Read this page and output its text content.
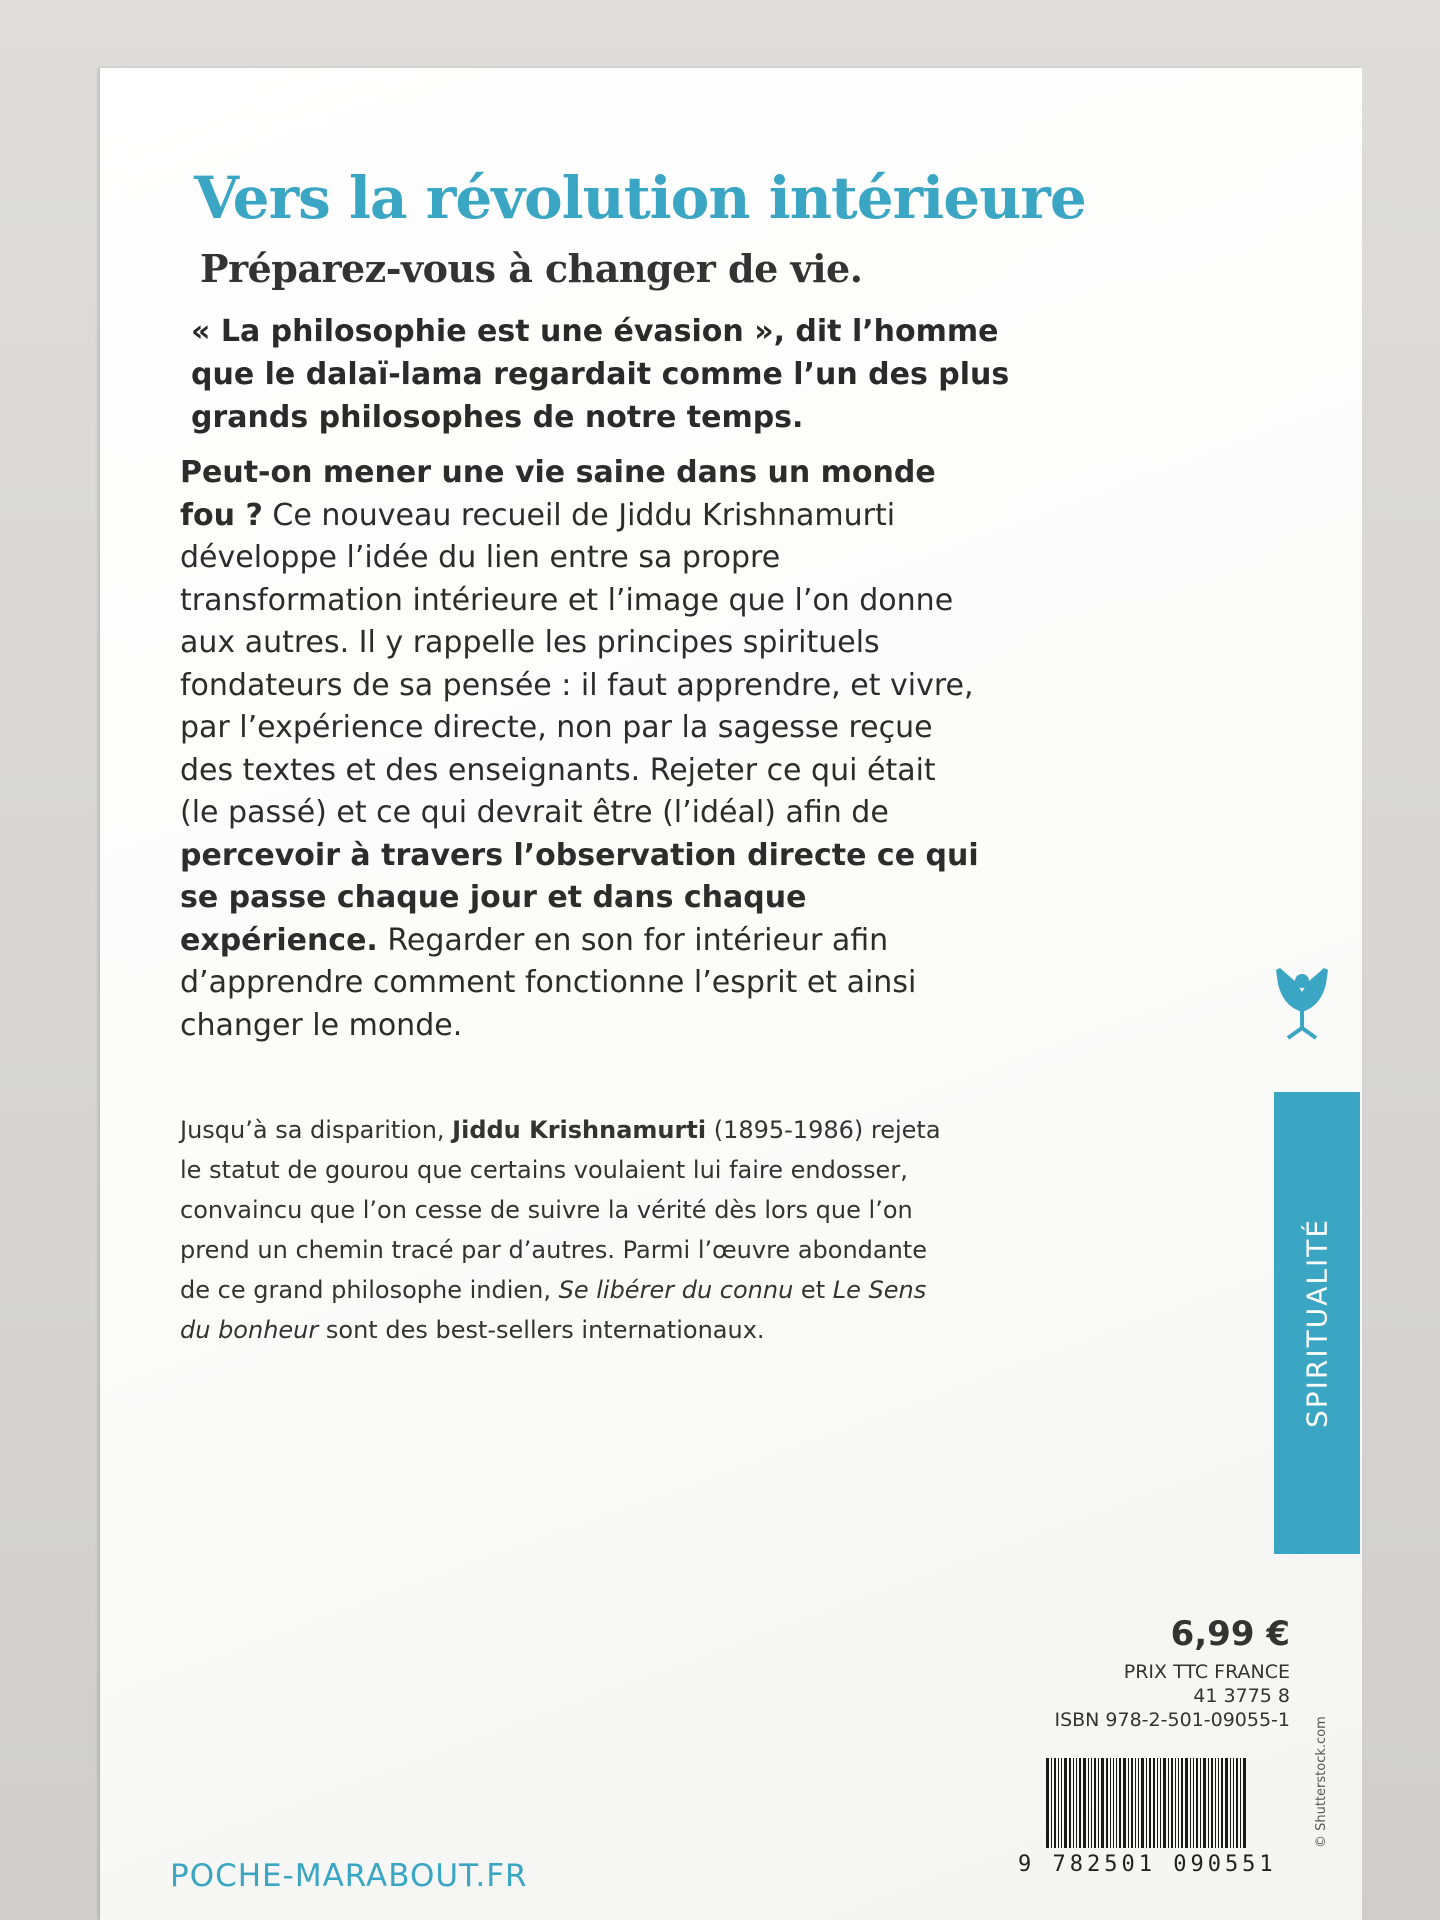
Vers la révolution intérieure
Préparez-vous à changer de vie.
« La philosophie est une évasion », dit l’homme
que le dalaï-lama regardait comme l’un des plus
grands philosophes de notre temps.
Peut-on mener une vie saine dans un monde
fou ? Ce nouveau recueil de Jiddu Krishnamurti
développe l’idée du lien entre sa propre
transformation intérieure et l’image que l’on donne
aux autres. Il y rappelle les principes spirituels
fondateurs de sa pensée : il faut apprendre, et vivre,
par l’expérience directe, non par la sagesse reçue
des textes et des enseignants. Rejeter ce qui était
(le passé) et ce qui devrait être (l’idéal) afin de
percevoir à travers l’observation directe ce qui
se passe chaque jour et dans chaque
expérience. Regarder en son for intérieur afin
d’apprendre comment fonctionne l’esprit et ainsi
changer le monde.
Jusqu’à sa disparition, Jiddu Krishnamurti (1895-1986) rejeta
le statut de gourou que certains voulaient lui faire endosser,
convaincu que l’on cesse de suivre la vérité dès lors que l’on
prend un chemin tracé par d’autres. Parmi l’œuvre abondante
de ce grand philosophe indien, Se libérer du connu et Le Sens
du bonheur sont des best-sellers internationaux.	SPIRITUALITÉ
6,99 €
PRIX TTC FRANCE
41 3775 8
ISBN 978-2-501-09055-1
9 782501 090551
© Shutterstock.com
POCHE-MARABOUT.FR
